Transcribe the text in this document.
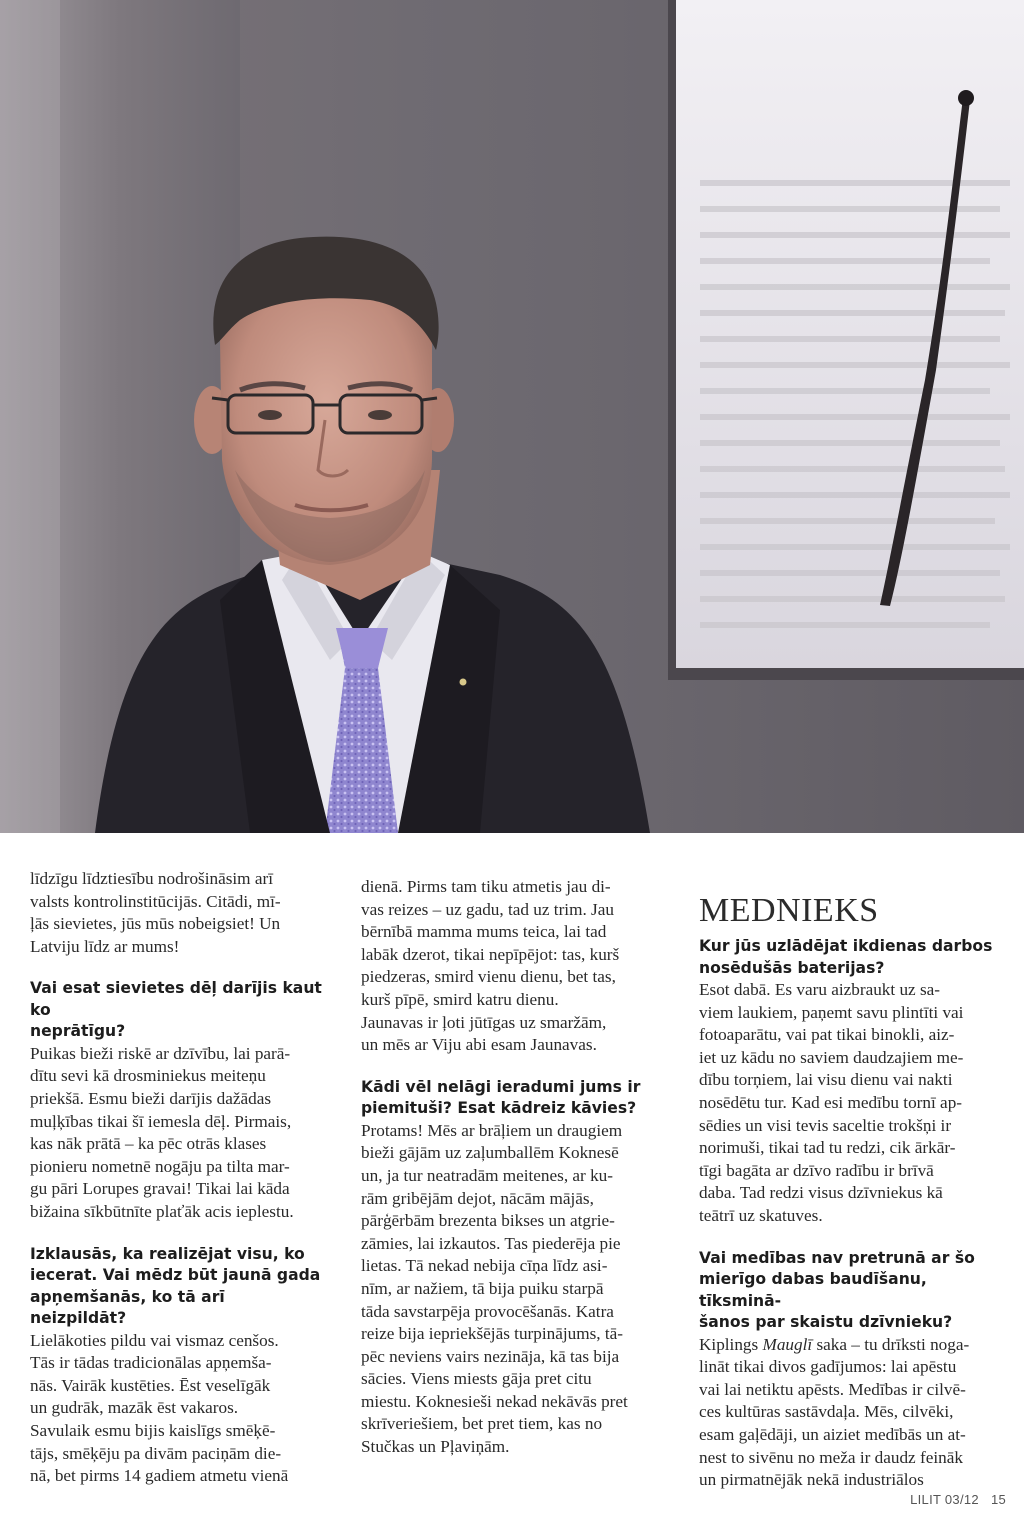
līdzīgu līdztiesību nodrošināsim arī
valsts kontrolinstitūcijās. Citādi, mī-
ļās sievietes, jūs mūs nobeigsiet! Un
Latviju līdz ar mums!

Vai esat sievietes dēļ darījis kaut ko
neprātīgu?

Puikas bieži riskē ar dzīvību, lai parā-
dītu sevi kā drosminiekus meiteņu
priekšā. Esmu bieži darījis dažādas
muļķības tikai šī iemesla dēļ. Pirmais,
kas nāk prātā – ka pēc otrās klases
pionieru nometnē nogāju pa tilta mar-
gu pāri Lorupes gravai! Tikai lai kāda
bižaina sīkbūtnīte plaťāk acis ieplestu.

Izklausās, ka realizējat visu, ko
iecerat. Vai mēdz būt jaunā gada
apņemšanās, ko tā arī neizpildāt?

Lielākoties pildu vai vismaz cenšos.
Tās ir tādas tradicionālas apņemša-
nās. Vairāk kustēties. Ēst veselīgāk
un gudrāk, mazāk ēst vakaros.
Savulaik esmu bijis kaislīgs smēķē-
tājs, smēķēju pa divām paciņām die-
nā, bet pirms 14 gadiem atmetu vienā

dienā. Pirms tam tiku atmetis jau di-
vas reizes – uz gadu, tad uz trim. Jau
bērnībā mamma mums teica, lai tad
labāk dzerot, tikai nepīpējot: tas, kurš
piedzeras, smird vienu dienu, bet tas,
kurš pīpē, smird katru dienu.
Jaunavas ir ļoti jūtīgas uz smaržām,
un mēs ar Viju abi esam Jaunavas.

Kādi vēl nelāgi ieradumi jums ir
piemituši? Esat kādreiz kāvies?

Protams! Mēs ar brāļiem un draugiem
bieži gājām uz zaļumballēm Koknesē
un, ja tur neatradām meitenes, ar ku-
rām gribējām dejot, nācām mājās,
pārģērbām brezenta bikses un atgrie-
zāmies, lai izkautos. Tas piederēja pie
lietas. Tā nekad nebija cīņa līdz asi-
nīm, ar nažiem, tā bija puiku starpā
tāda savstarpēja provocēšanās. Katra
reize bija iepriekšējās turpinājums, tā-
pēc neviens vairs nezināja, kā tas bija
sācies. Viens miests gāja pret citu
miestu. Koknesieši nekad nekāvās pret
skrīveriešiem, bet pret tiem, kas no
Stučkas un Pļaviņām.

MEDNIEKS

Kur jūs uzlādējat ikdienas darbos
nosēdušās baterijas?

Esot dabā. Es varu aizbraukt uz sa-
viem laukiem, paņemt savu plintīti vai
fotoaparātu, vai pat tikai binokli, aiz-
iet uz kādu no saviem daudzajiem me-
dību torņiem, lai visu dienu vai nakti
nosēdētu tur. Kad esi medību tornī ap-
sēdies un visi tevis saceltie trokšņi ir
norimuši, tikai tad tu redzi, cik ārkār-
tīgi bagāta ar dzīvo radību ir brīvā
daba. Tad redzi visus dzīvniekus kā
teātrī uz skatuves.

Vai medības nav pretrunā ar šo
mierīgo dabas baudīšanu, tīksminā-
šanos par skaistu dzīvnieku?

Kiplings Mauglī saka – tu drīksti noga-
lināt tikai divos gadījumos: lai apēstu
vai lai netiktu apēsts. Medības ir cilvē-
ces kultūras sastāvdaļa. Mēs, cilvēki,
esam gaļēdāji, un aiziet medībās un at-
nest to sivēnu no meža ir daudz feināk
un pirmatnējāk nekā industriālos

LILIT 03/12 15
